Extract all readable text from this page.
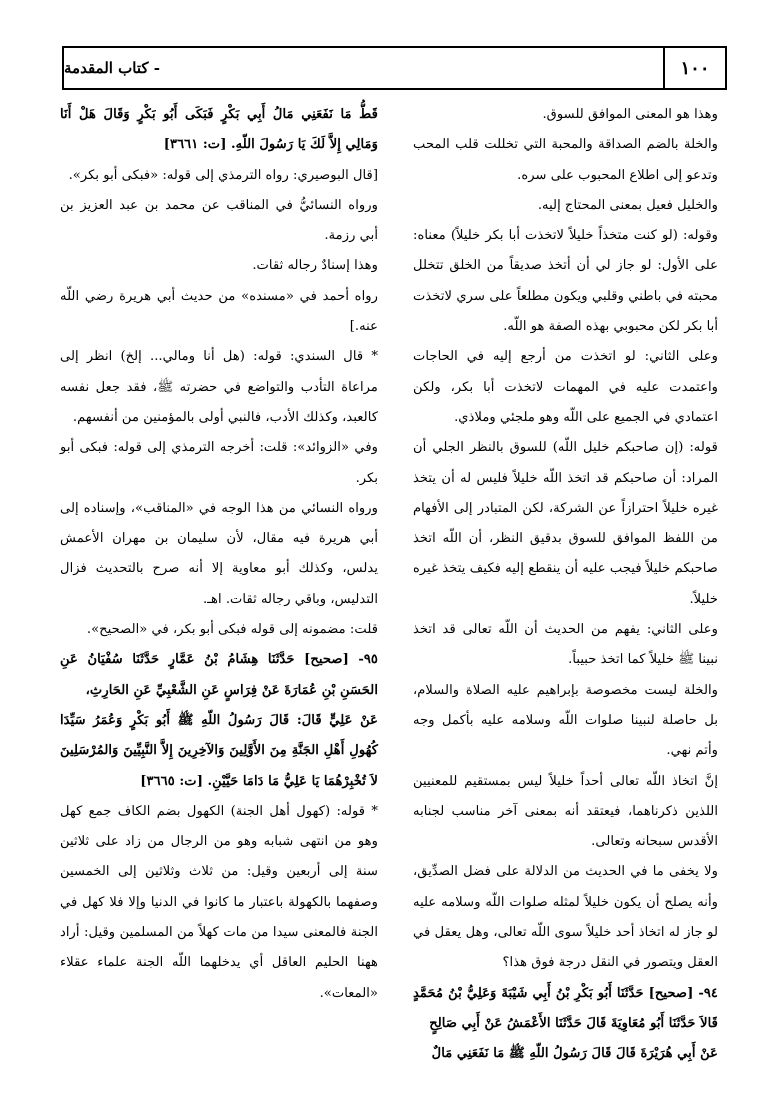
- كتاب المقدمة	١٠٠

وهذا هو المعنى الموافق للسوق.

والخلة بالضم الصداقة والمحبة التي تخللت قلب المحب وتدعو إلى اطلاع المحبوب على سره.

والخليل فعيل بمعنى المحتاج إليه.

وقوله: (لو كنت متخذاً خليلاً لاتخذت أبا بكر خليلاً) معناه: على الأول: لو جاز لي أن أتخذ صديقاً من الخلق تتخلل محبته في باطني وقلبي ويكون مطلعاً على سري لاتخذت أبا بكر لكن محبوبي بهذه الصفة هو اللّه.

وعلى الثاني: لو اتخذت من أرجع إليه في الحاجات واعتمدت عليه في المهمات لاتخذت أبا بكر، ولكن اعتمادي في الجميع على اللّه وهو ملجئي وملاذي.

قوله: (إن صاحبكم خليل اللّه) للسوق بالنظر الجلي أن المراد: أن صاحبكم قد اتخذ اللّه خليلاً فليس له أن يتخذ غيره خليلاً احترازاً عن الشركة، لكن المتبادر إلى الأفهام من اللفظ الموافق للسوق بدقيق النظر، أن اللّه اتخذ صاحبكم خليلاً فيجب عليه أن ينقطع إليه فكيف يتخذ غيره خليلاً.

وعلى الثاني: يفهم من الحديث أن اللّه تعالى قد اتخذ نبينا ﷺ خليلاً كما اتخذ حبيباً.

والخلة ليست مخصوصة بإبراهيم عليه الصلاة والسلام، بل حاصلة لنبينا صلوات اللّه وسلامه عليه بأكمل وجه وأتم نهي.

إنَّ اتخاذ اللّه تعالى أحداً خليلاً ليس بمستقيم للمعنيين اللذين ذكرناهما، فيعتقد أنه بمعنى آخر مناسب لجنابه الأقدس سبحانه وتعالى.

ولا يخفى ما في الحديث من الدلالة على فضل الصدِّيق، وأنه يصلح أن يكون خليلاً لمثله صلوات اللّه وسلامه عليه لو جاز له اتخاذ أحد خليلاً سوى اللّه تعالى، وهل يعقل في العقل ويتصور في النقل درجة فوق هذا؟

٩٤- [صحيح] حَدَّثَنَا أَبُو بَكْرِ بْنُ أَبِي شَيْبَةَ وَعَلِيُّ بْنُ مُحَمَّدٍ قَالاَ حَدَّثَنَا أَبُو مُعَاوِيَةَ قَالَ حَدَّثَنَا الأَعْمَشُ عَنْ أَبِي صَالِحٍ

عَنْ أَبِي هُرَيْرَةَ قَالَ قَالَ رَسُولُ اللّهِ ﷺ مَا نَفَعَنِي مَالٌ

قَطُّ مَا نَفَعَنِي مَالُ أَبِي بَكْرٍ فَبَكَى أَبُو بَكْرٍ وَقَالَ هَلْ أَنَا وَمَالِي إِلاَّ لَكَ يَا رَسُولَ اللّهِ. [ت: ٣٦٦١]

[قال البوصيري: رواه الترمذي إلى قوله: «فبكى أبو بكر».

ورواه النسائيُّ في المناقب عن محمد بن عبد العزيز بن أبي رزمة.

وهذا إسنادٌ رجاله ثقات.

رواه أحمد في «مسنده» من حديث أبي هريرة رضي اللّه عنه.]

* قال السندي: قوله: (هل أنا ومالي... إلخ) انظر إلى مراعاة التأدب والتواضع في حضرته ﷺ، فقد جعل نفسه كالعبد، وكذلك الأدب، فالنبي أولى بالمؤمنين من أنفسهم.

وفي «الزوائد»: قلت: أخرجه الترمذي إلى قوله: فبكى أبو بكر.

ورواه النسائي من هذا الوجه في «المناقب»، وإسناده إلى أبي هريرة فيه مقال، لأن سليمان بن مهران الأعمش يدلس، وكذلك أبو معاوية إلا أنه صرح بالتحديث فزال التدليس، وباقي رجاله ثقات. اهـ.

قلت: مضمونه إلى قوله فبكى أبو بكر، في «الصحيح».

٩٥- [صحيح] حَدَّثَنَا هِشَامُ بْنُ عَمَّارٍ حَدَّثَنَا سُفْيَانُ عَنِ الحَسَنِ بْنِ عُمَارَةَ عَنْ فِرَاسٍ عَنِ الشَّعْبِيِّ عَنِ الحَارِثِ،

عَنْ عَلِيٍّ قَالَ: قَالَ رَسُولُ اللّهِ ﷺ أَبُو بَكْرٍ وَعُمَرُ سَيِّدَا كُهُولِ أَهْلِ الجَنَّةِ مِنَ الأَوَّلِينَ وَالآخِرِينَ إِلاَّ النَّبِيِّينَ وَالمُرْسَلِينَ لاَ تُخْبِرْهُمَا يَا عَلِيُّ مَا دَامَا حَيَّيْنِ. [ت: ٣٦٦٥]

* قوله: (كهول أهل الجنة) الكهول بضم الكاف جمع كهل وهو من انتهى شبابه وهو من الرجال من زاد على ثلاثين سنة إلى أربعين وقيل: من ثلاث وثلاثين إلى الخمسين وصفهما بالكهولة باعتبار ما كانوا في الدنيا وإلا فلا كهل في الجنة فالمعنى سيدا من مات كهلاً من المسلمين وقيل: أراد ههنا الحليم العاقل أي يدخلهما اللّه الجنة علماء عقلاء «المعات».
